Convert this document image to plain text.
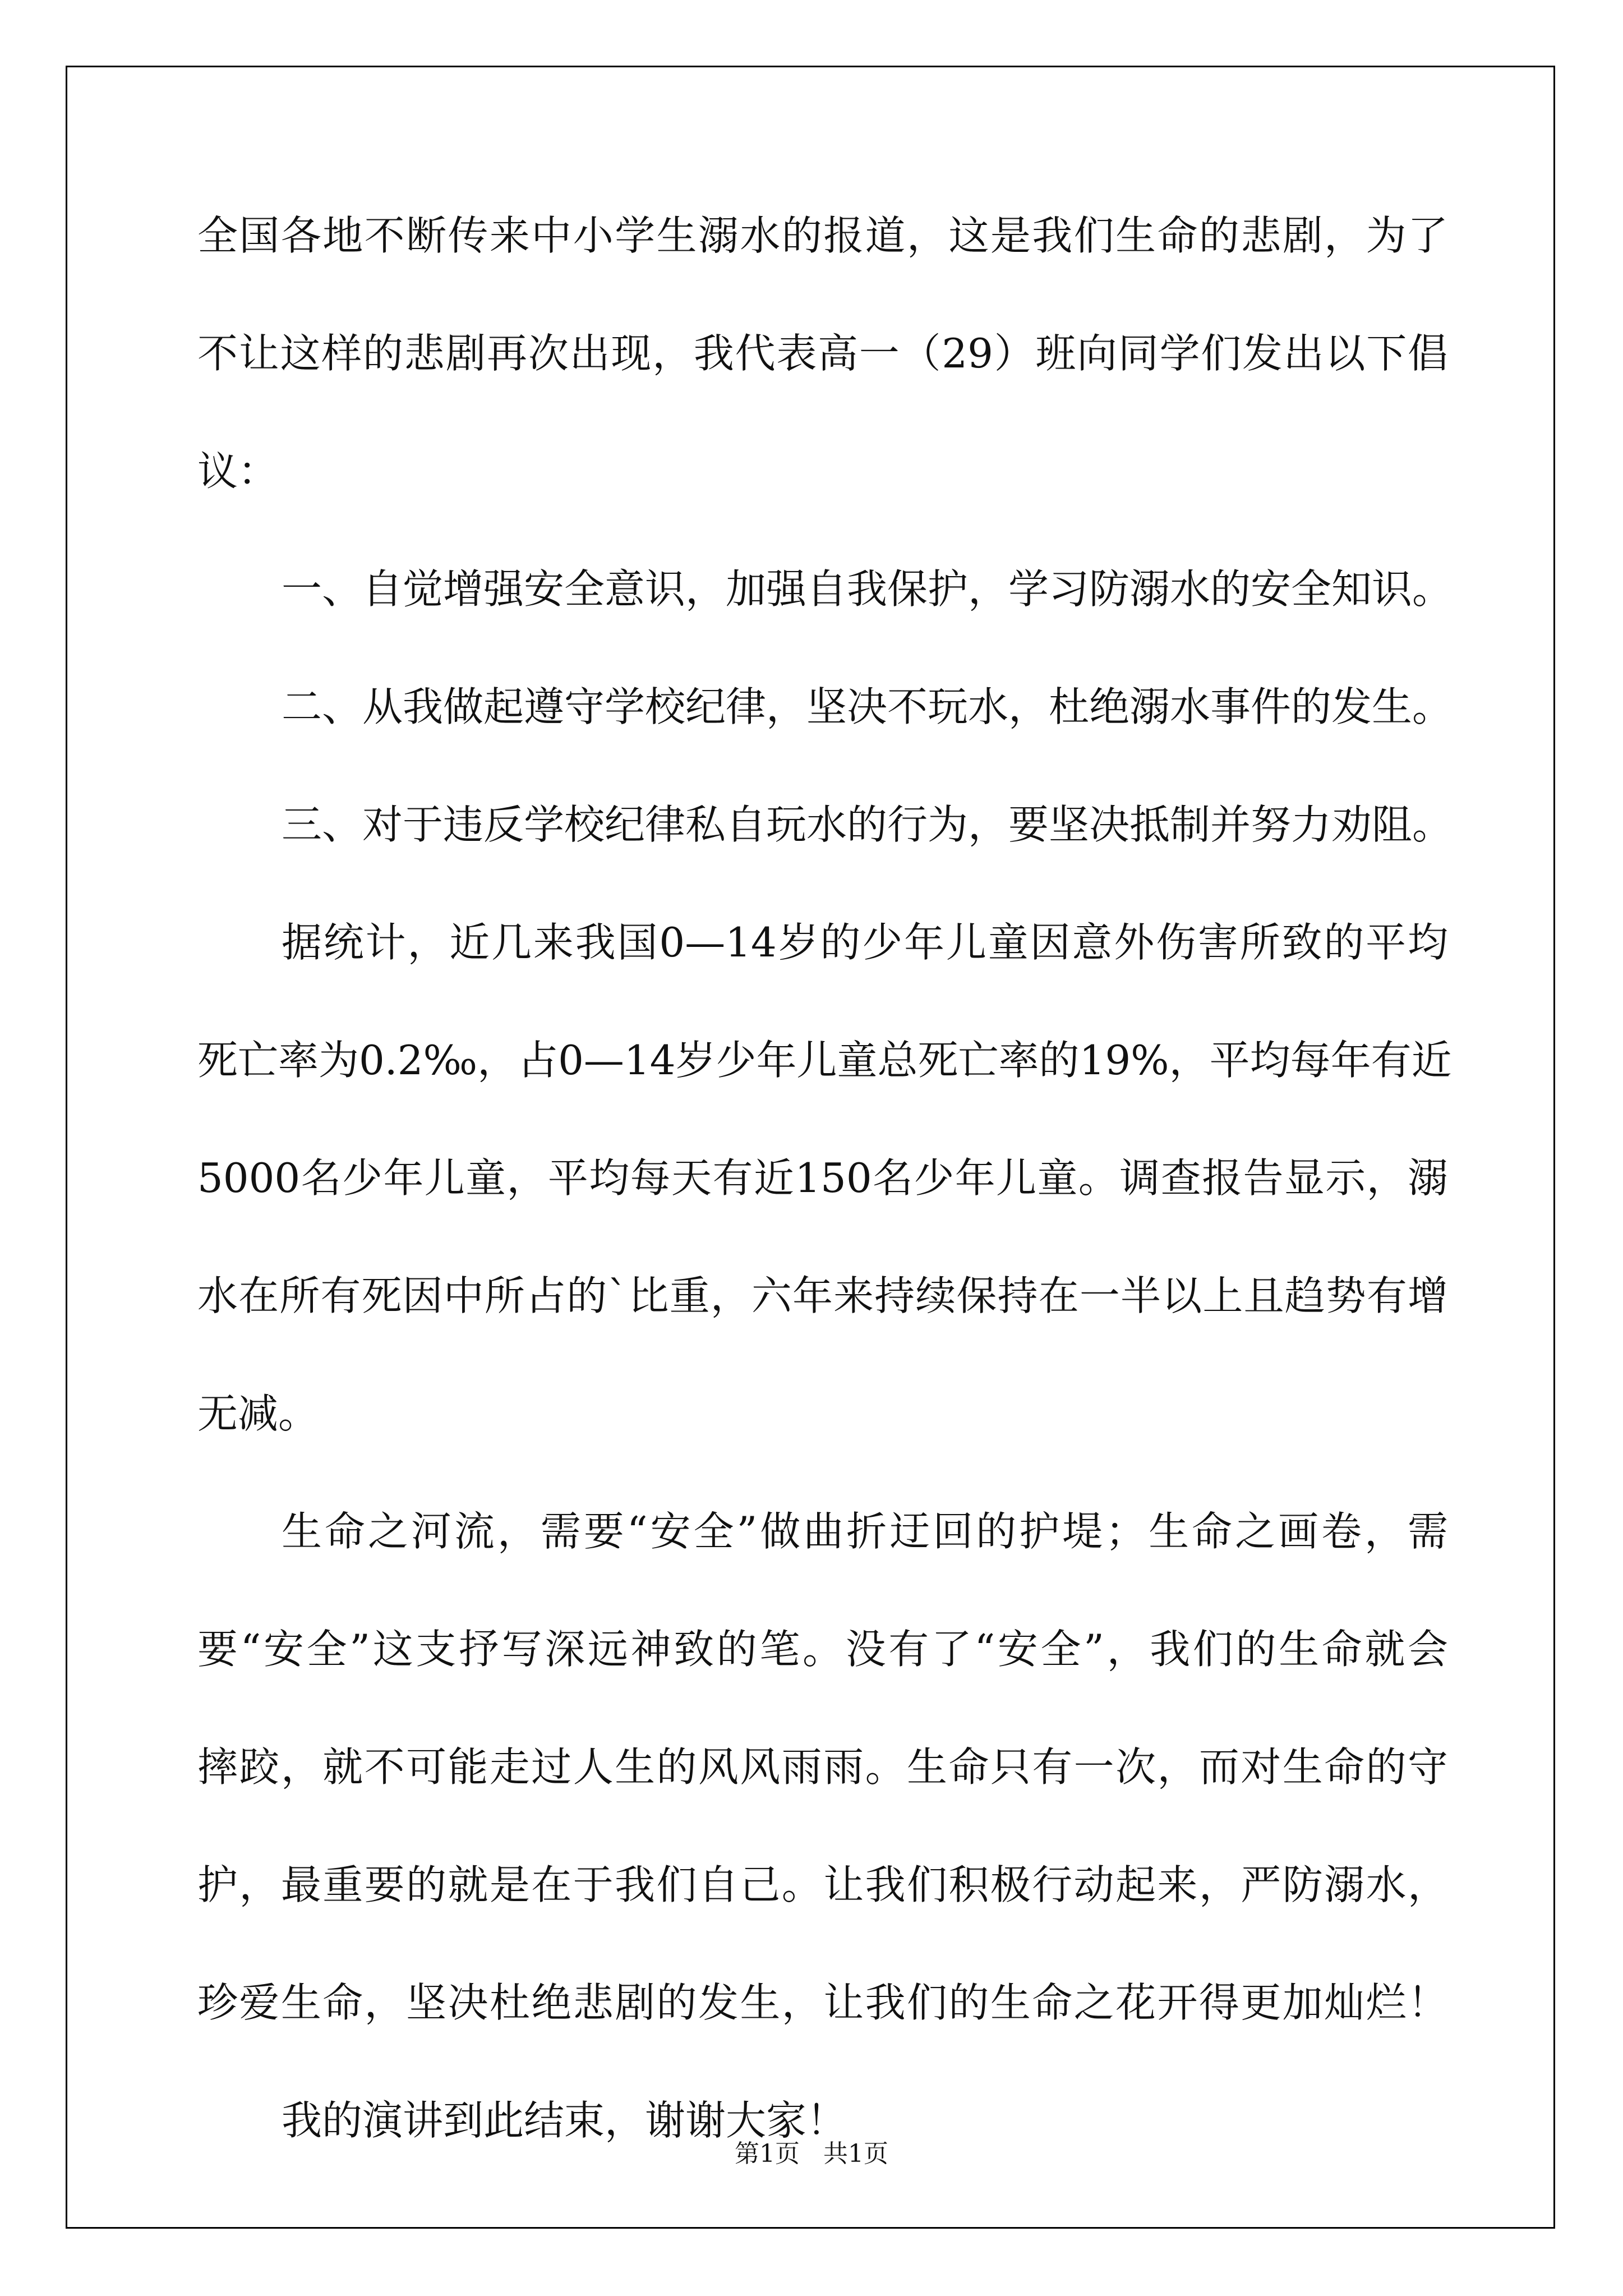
全国各地不断传来中小学生溺水的报道，这是我们生命的悲剧，为了

不让这样的悲剧再次出现，我代表高一（29）班向同学们发出以下倡

议：

一、自觉增强安全意识，加强自我保护，学习防溺水的安全知识。

二、从我做起遵守学校纪律，坚决不玩水，杜绝溺水事件的发生。

三、对于违反学校纪律私自玩水的行为，要坚决抵制并努力劝阻。

据统计，近几来我国0—14岁的少年儿童因意外伤害所致的平均

死亡率为0.2‰，占0—14岁少年儿童总死亡率的19%，平均每年有近

5000名少年儿童，平均每天有近150名少年儿童。调查报告显示，溺

水在所有死因中所占的`比重，六年来持续保持在一半以上且趋势有增

无减。

生命之河流，需要“安全”做曲折迂回的护堤；生命之画卷，需

要“安全”这支抒写深远神致的笔。没有了“安全”，我们的生命就会

摔跤，就不可能走过人生的风风雨雨。生命只有一次，而对生命的守

护，最重要的就是在于我们自己。让我们积极行动起来，严防溺水，

珍爱生命，坚决杜绝悲剧的发生，让我们的生命之花开得更加灿烂！

我的演讲到此结束，谢谢大家！

第1页 共1页
